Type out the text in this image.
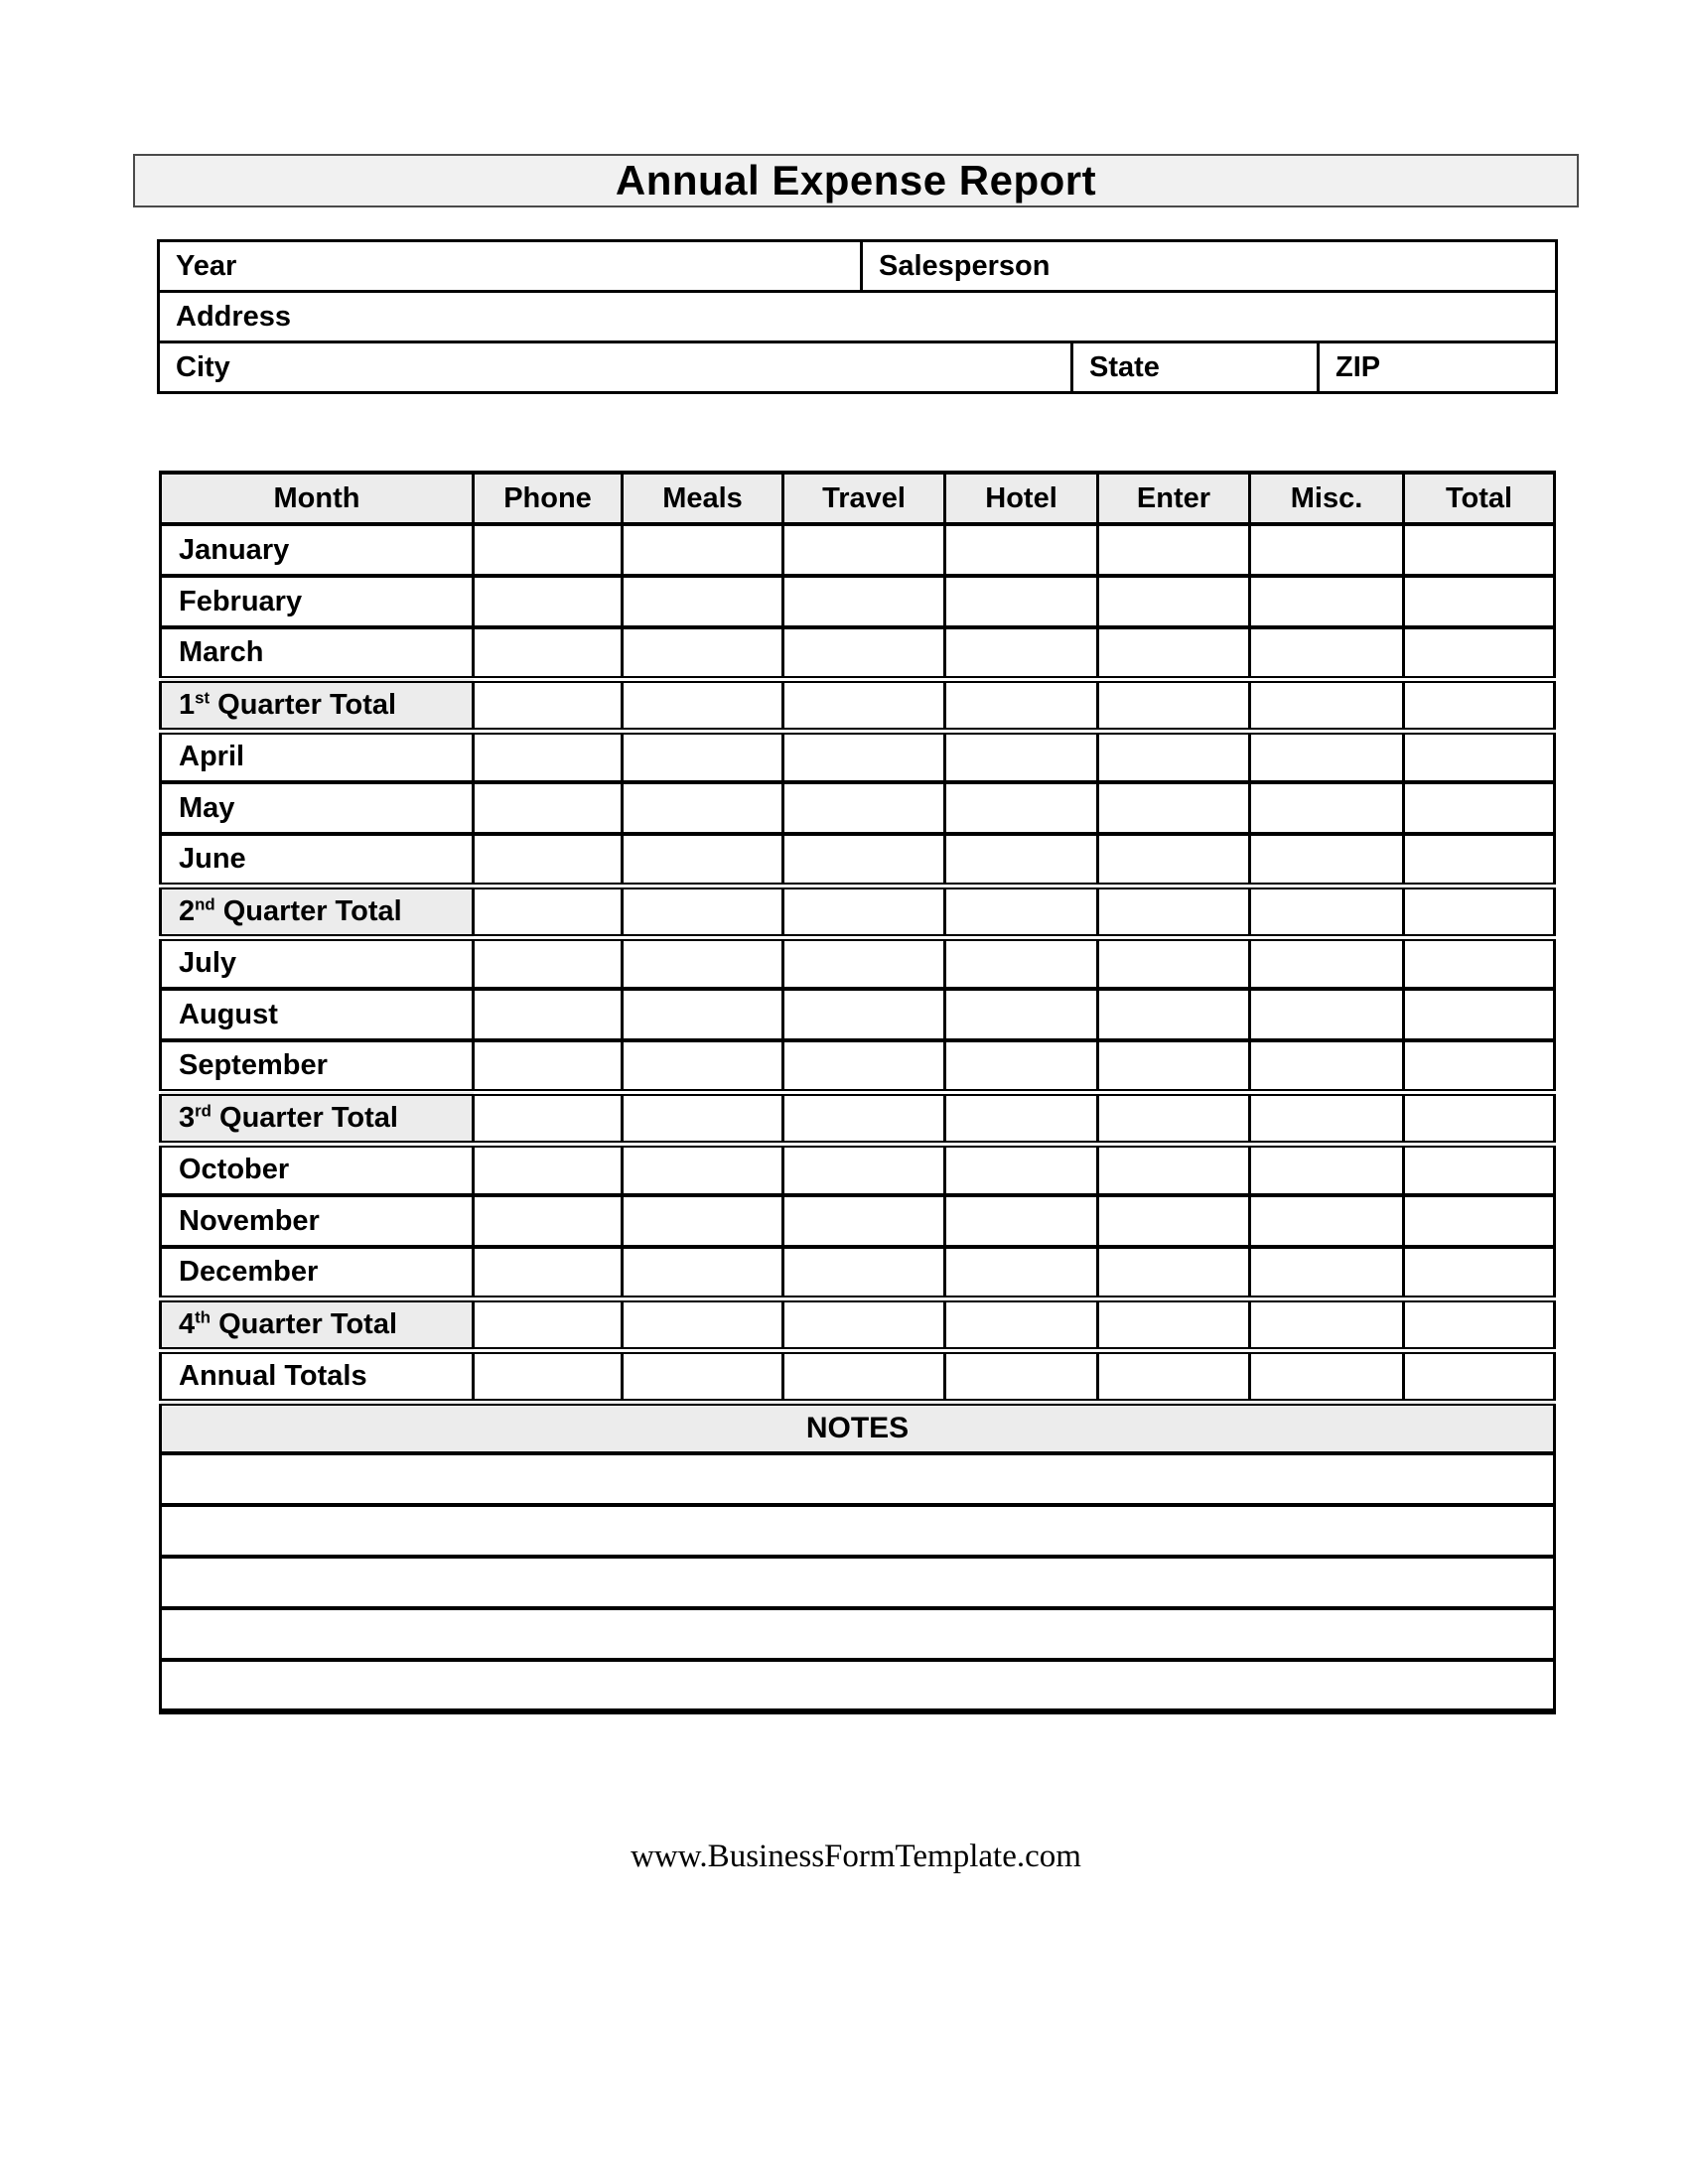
Annual Expense Report
Year	Salesperson		
Address			
City		State	ZIP
Month	Phone	Meals	Travel	Hotel	Enter	Misc.	Total
January							
February							
March							
1st Quarter Total							
April							
May							
June							
2nd Quarter Total							
July							
August							
September							
3rd Quarter Total							
October							
November							
December							
4th Quarter Total							
Annual Totals							
NOTES							

www.BusinessFormTemplate.com
